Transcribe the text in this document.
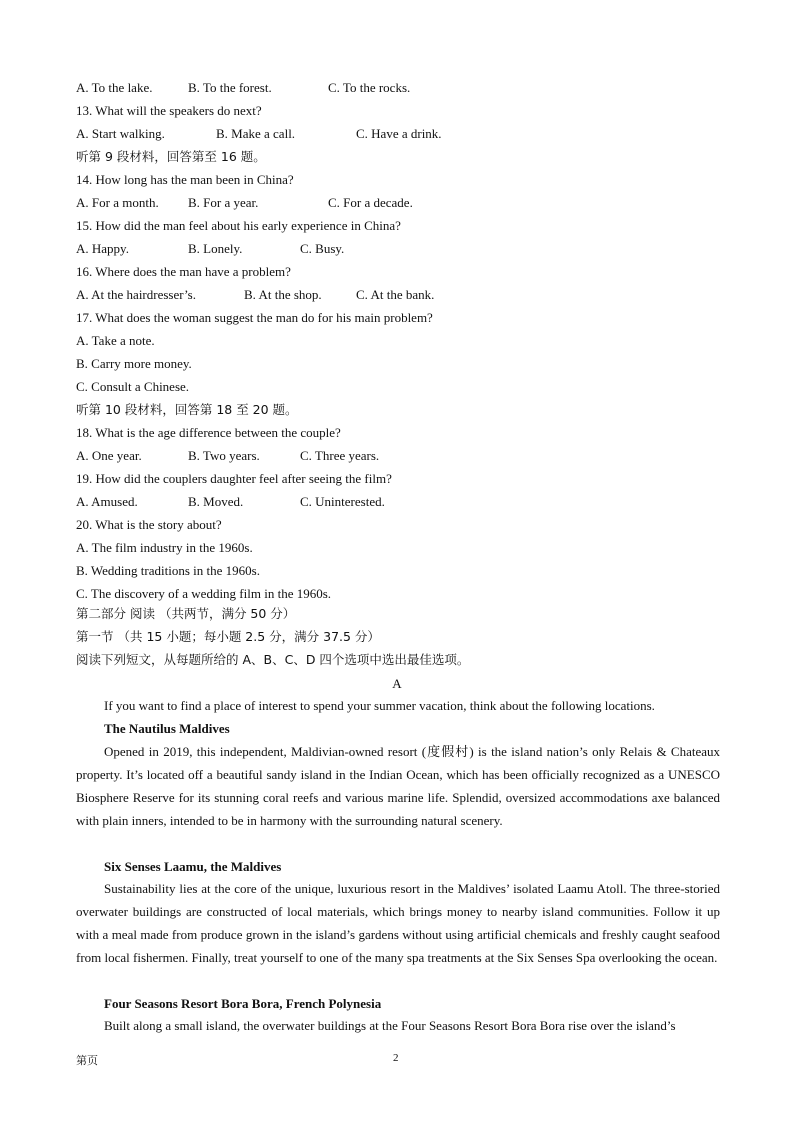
A. To the lake.	B. To the forest.	C. To the rocks.
13. What will the speakers do next?
A. Start walking.	B. Make a call.	C. Have a drink.
听第 9 段材料，回答第至 16 题。
14. How long has the man been in China?
A. For a month. B. For a year.	C. For a decade.
15. How did the man feel about his early experience in China?
A. Happy.	B. Lonely.	C. Busy.
16. Where does the man have a problem?
A. At the hairdresser’s.	B. At the shop.	C. At the bank.
17. What does the woman suggest the man do for his main problem?
A. Take a note.
B. Carry more money.
C. Consult a Chinese.
听第 10 段材料，回答第 18 至 20 题。
18. What is the age difference between the couple?
A. One year.	B. Two years.	C. Three years.
19. How did the couplers daughter feel after seeing the film?
A. Amused.	B. Moved.	C. Uninterested.
20. What is the story about?
A. The film industry in the 1960s.
B. Wedding traditions in the 1960s.
C. The discovery of a wedding film in the 1960s.
第二部分 阅读 （共两节，满分 50 分）
第一节 （共 15 小题；每小题 2.5 分，满分 37.5 分）
阅读下列短文，从每题所给的 A、B、C、D 四个选项中选出最佳选项。
A
If you want to find a place of interest to spend your summer vacation, think about the following locations.
The Nautilus Maldives
Opened in 2019, this independent, Maldivian-owned resort (度假村) is the island nation’s only Relais & Chateaux property. It’s located off a beautiful sandy island in the Indian Ocean, which has been officially recognized as a UNESCO Biosphere Reserve for its stunning coral reefs and various marine life. Splendid, oversized accommodations axe balanced with plain inners, intended to be in harmony with the surrounding natural scenery.
Six Senses Laamu, the Maldives
Sustainability lies at the core of the unique, luxurious resort in the Maldives’ isolated Laamu Atoll. The three-storied overwater buildings are constructed of local materials, which brings money to nearby island communities. Follow it up with a meal made from produce grown in the island’s gardens without using artificial chemicals and freshly caught seafood from local fishermen. Finally, treat yourself to one of the many spa treatments at the Six Senses Spa overlooking the ocean.
Four Seasons Resort Bora Bora, French Polynesia
Built along a small island, the overwater buildings at the Four Seasons Resort Bora Bora rise over the island’s
第页	2
